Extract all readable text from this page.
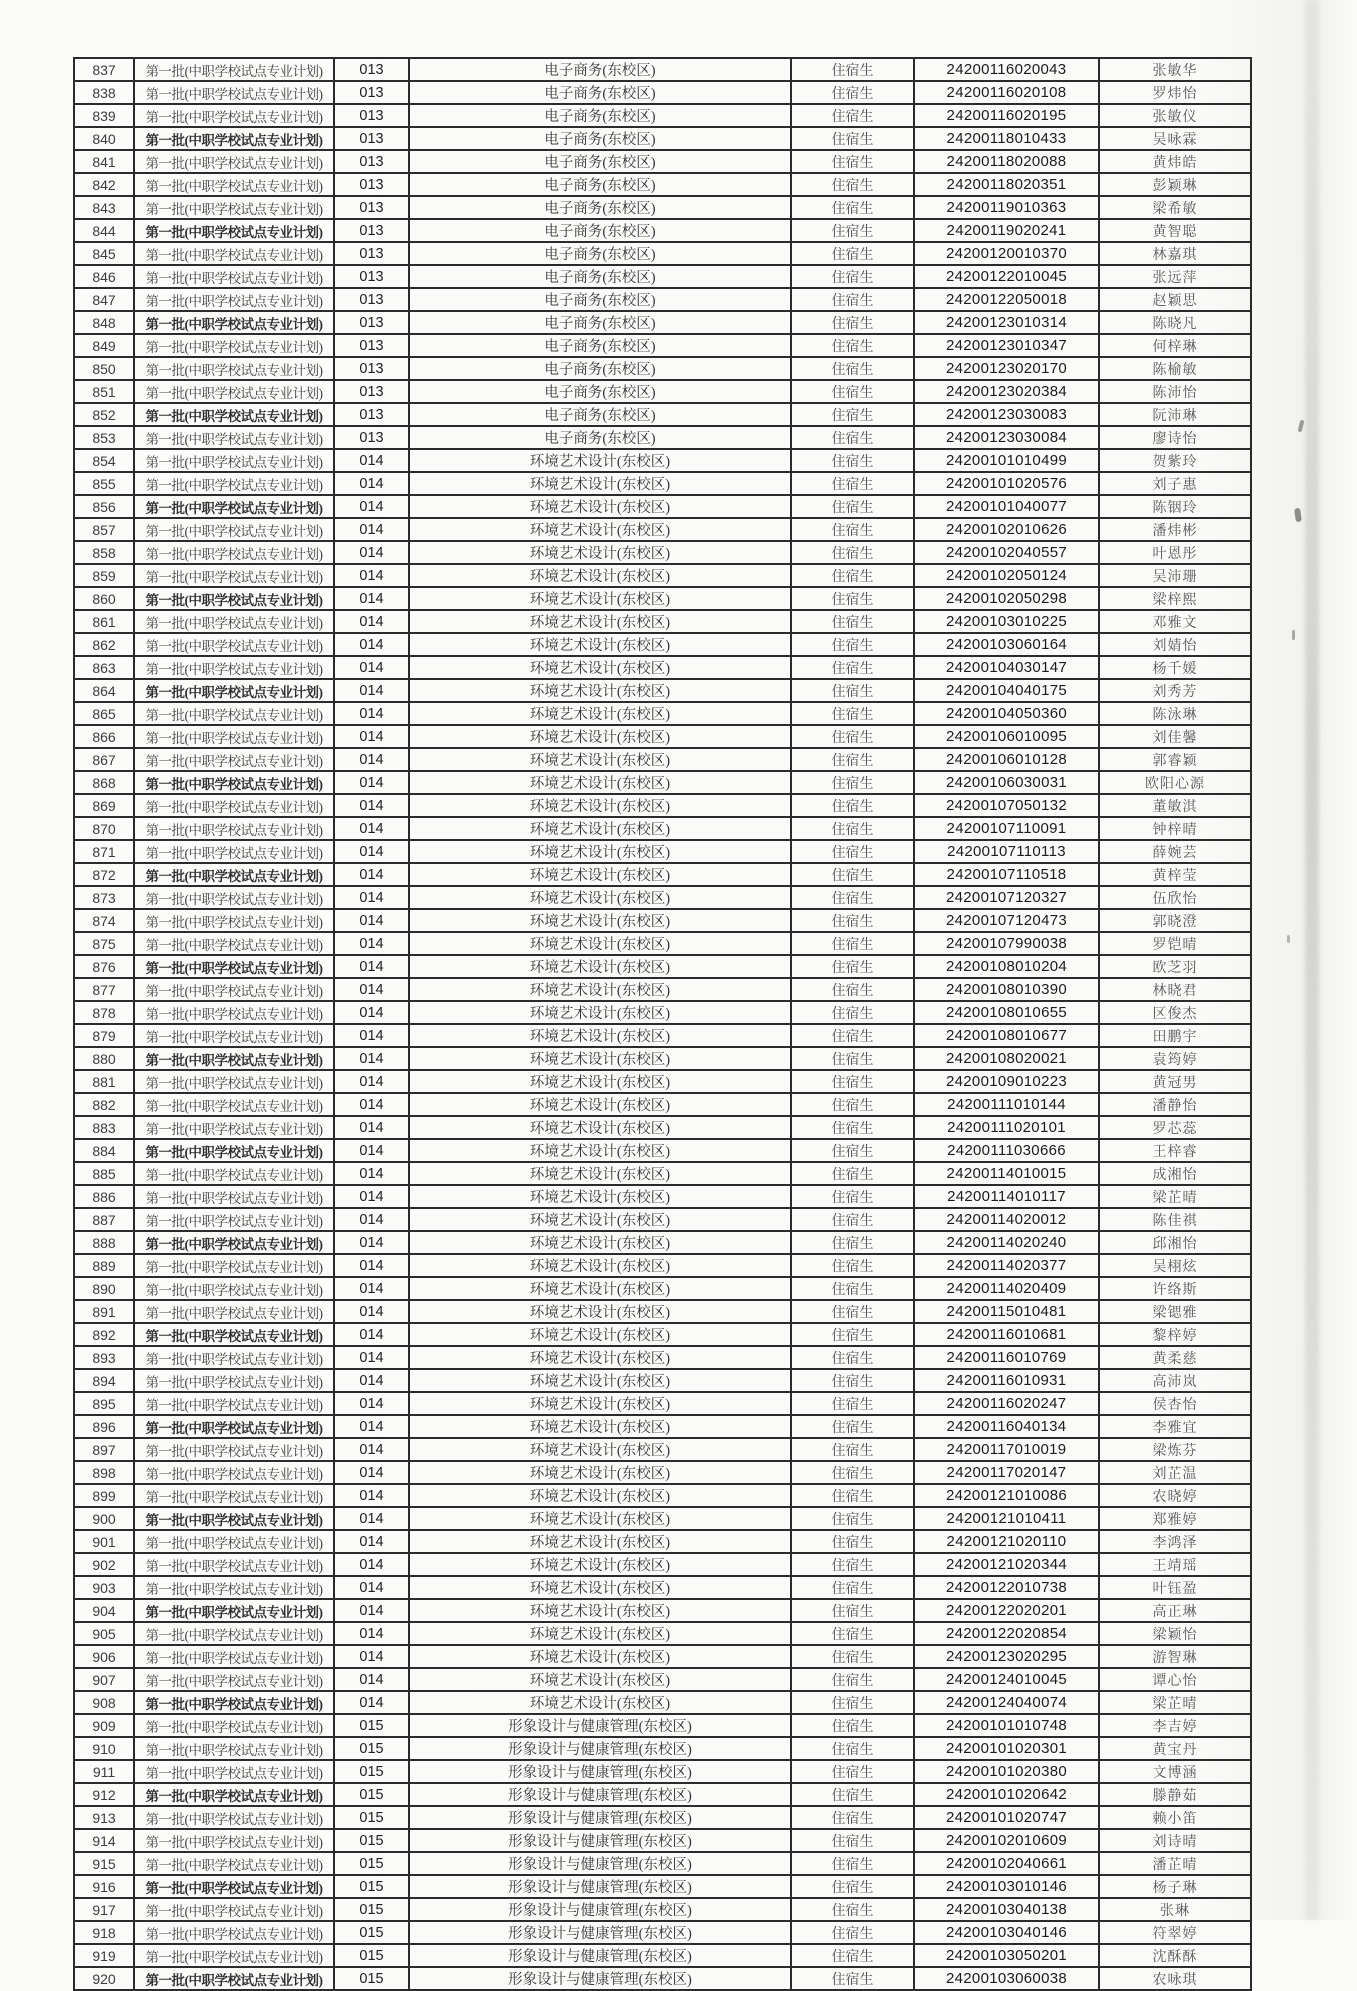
837	第一批(中职学校试点专业计划)	013	电子商务(东校区)	住宿生	24200116020043	张敏华
838	第一批(中职学校试点专业计划)	013	电子商务(东校区)	住宿生	24200116020108	罗炜怡
839	第一批(中职学校试点专业计划)	013	电子商务(东校区)	住宿生	24200116020195	张敏仪
840	第一批(中职学校试点专业计划)	013	电子商务(东校区)	住宿生	24200118010433	吴咏霖
841	第一批(中职学校试点专业计划)	013	电子商务(东校区)	住宿生	24200118020088	黄炜皓
842	第一批(中职学校试点专业计划)	013	电子商务(东校区)	住宿生	24200118020351	彭颖琳
843	第一批(中职学校试点专业计划)	013	电子商务(东校区)	住宿生	24200119010363	梁希敏
844	第一批(中职学校试点专业计划)	013	电子商务(东校区)	住宿生	24200119020241	黄智聪
845	第一批(中职学校试点专业计划)	013	电子商务(东校区)	住宿生	24200120010370	林嘉琪
846	第一批(中职学校试点专业计划)	013	电子商务(东校区)	住宿生	24200122010045	张远萍
847	第一批(中职学校试点专业计划)	013	电子商务(东校区)	住宿生	24200122050018	赵颖思
848	第一批(中职学校试点专业计划)	013	电子商务(东校区)	住宿生	24200123010314	陈晓凡
849	第一批(中职学校试点专业计划)	013	电子商务(东校区)	住宿生	24200123010347	何梓琳
850	第一批(中职学校试点专业计划)	013	电子商务(东校区)	住宿生	24200123020170	陈榆敏
851	第一批(中职学校试点专业计划)	013	电子商务(东校区)	住宿生	24200123020384	陈沛怡
852	第一批(中职学校试点专业计划)	013	电子商务(东校区)	住宿生	24200123030083	阮沛琳
853	第一批(中职学校试点专业计划)	013	电子商务(东校区)	住宿生	24200123030084	廖诗怡
854	第一批(中职学校试点专业计划)	014	环境艺术设计(东校区)	住宿生	24200101010499	贺紫玲
855	第一批(中职学校试点专业计划)	014	环境艺术设计(东校区)	住宿生	24200101020576	刘子惠
856	第一批(中职学校试点专业计划)	014	环境艺术设计(东校区)	住宿生	24200101040077	陈铟玲
857	第一批(中职学校试点专业计划)	014	环境艺术设计(东校区)	住宿生	24200102010626	潘炜彬
858	第一批(中职学校试点专业计划)	014	环境艺术设计(东校区)	住宿生	24200102040557	叶恩彤
859	第一批(中职学校试点专业计划)	014	环境艺术设计(东校区)	住宿生	24200102050124	吴沛珊
860	第一批(中职学校试点专业计划)	014	环境艺术设计(东校区)	住宿生	24200102050298	梁梓熙
861	第一批(中职学校试点专业计划)	014	环境艺术设计(东校区)	住宿生	24200103010225	邓雅文
862	第一批(中职学校试点专业计划)	014	环境艺术设计(东校区)	住宿生	24200103060164	刘婧怡
863	第一批(中职学校试点专业计划)	014	环境艺术设计(东校区)	住宿生	24200104030147	杨千媛
864	第一批(中职学校试点专业计划)	014	环境艺术设计(东校区)	住宿生	24200104040175	刘秀芳
865	第一批(中职学校试点专业计划)	014	环境艺术设计(东校区)	住宿生	24200104050360	陈泳琳
866	第一批(中职学校试点专业计划)	014	环境艺术设计(东校区)	住宿生	24200106010095	刘佳馨
867	第一批(中职学校试点专业计划)	014	环境艺术设计(东校区)	住宿生	24200106010128	郭睿颖
868	第一批(中职学校试点专业计划)	014	环境艺术设计(东校区)	住宿生	24200106030031	欧阳心源
869	第一批(中职学校试点专业计划)	014	环境艺术设计(东校区)	住宿生	24200107050132	董敏淇
870	第一批(中职学校试点专业计划)	014	环境艺术设计(东校区)	住宿生	24200107110091	钟梓晴
871	第一批(中职学校试点专业计划)	014	环境艺术设计(东校区)	住宿生	24200107110113	薛婉芸
872	第一批(中职学校试点专业计划)	014	环境艺术设计(东校区)	住宿生	24200107110518	黄梓莹
873	第一批(中职学校试点专业计划)	014	环境艺术设计(东校区)	住宿生	24200107120327	伍欣怡
874	第一批(中职学校试点专业计划)	014	环境艺术设计(东校区)	住宿生	24200107120473	郭晓澄
875	第一批(中职学校试点专业计划)	014	环境艺术设计(东校区)	住宿生	24200107990038	罗铠晴
876	第一批(中职学校试点专业计划)	014	环境艺术设计(东校区)	住宿生	24200108010204	欧芝羽
877	第一批(中职学校试点专业计划)	014	环境艺术设计(东校区)	住宿生	24200108010390	林晓君
878	第一批(中职学校试点专业计划)	014	环境艺术设计(东校区)	住宿生	24200108010655	区俊杰
879	第一批(中职学校试点专业计划)	014	环境艺术设计(东校区)	住宿生	24200108010677	田鹏宇
880	第一批(中职学校试点专业计划)	014	环境艺术设计(东校区)	住宿生	24200108020021	袁筠婷
881	第一批(中职学校试点专业计划)	014	环境艺术设计(东校区)	住宿生	24200109010223	黄冠男
882	第一批(中职学校试点专业计划)	014	环境艺术设计(东校区)	住宿生	24200111010144	潘静怡
883	第一批(中职学校试点专业计划)	014	环境艺术设计(东校区)	住宿生	24200111020101	罗芯蕊
884	第一批(中职学校试点专业计划)	014	环境艺术设计(东校区)	住宿生	24200111030666	王梓睿
885	第一批(中职学校试点专业计划)	014	环境艺术设计(东校区)	住宿生	24200114010015	成湘怡
886	第一批(中职学校试点专业计划)	014	环境艺术设计(东校区)	住宿生	24200114010117	梁芷晴
887	第一批(中职学校试点专业计划)	014	环境艺术设计(东校区)	住宿生	24200114020012	陈佳祺
888	第一批(中职学校试点专业计划)	014	环境艺术设计(东校区)	住宿生	24200114020240	邱湘怡
889	第一批(中职学校试点专业计划)	014	环境艺术设计(东校区)	住宿生	24200114020377	吴栩炫
890	第一批(中职学校试点专业计划)	014	环境艺术设计(东校区)	住宿生	24200114020409	许络斯
891	第一批(中职学校试点专业计划)	014	环境艺术设计(东校区)	住宿生	24200115010481	梁锶雅
892	第一批(中职学校试点专业计划)	014	环境艺术设计(东校区)	住宿生	24200116010681	黎梓婷
893	第一批(中职学校试点专业计划)	014	环境艺术设计(东校区)	住宿生	24200116010769	黄柔慈
894	第一批(中职学校试点专业计划)	014	环境艺术设计(东校区)	住宿生	24200116010931	高沛岚
895	第一批(中职学校试点专业计划)	014	环境艺术设计(东校区)	住宿生	24200116020247	侯杏怡
896	第一批(中职学校试点专业计划)	014	环境艺术设计(东校区)	住宿生	24200116040134	李雅宜
897	第一批(中职学校试点专业计划)	014	环境艺术设计(东校区)	住宿生	24200117010019	梁炼芬
898	第一批(中职学校试点专业计划)	014	环境艺术设计(东校区)	住宿生	24200117020147	刘芷温
899	第一批(中职学校试点专业计划)	014	环境艺术设计(东校区)	住宿生	24200121010086	农晓婷
900	第一批(中职学校试点专业计划)	014	环境艺术设计(东校区)	住宿生	24200121010411	郑雅婷
901	第一批(中职学校试点专业计划)	014	环境艺术设计(东校区)	住宿生	24200121020110	李鸿泽
902	第一批(中职学校试点专业计划)	014	环境艺术设计(东校区)	住宿生	24200121020344	王靖瑶
903	第一批(中职学校试点专业计划)	014	环境艺术设计(东校区)	住宿生	24200122010738	叶钰盈
904	第一批(中职学校试点专业计划)	014	环境艺术设计(东校区)	住宿生	24200122020201	高正琳
905	第一批(中职学校试点专业计划)	014	环境艺术设计(东校区)	住宿生	24200122020854	梁颖怡
906	第一批(中职学校试点专业计划)	014	环境艺术设计(东校区)	住宿生	24200123020295	游智琳
907	第一批(中职学校试点专业计划)	014	环境艺术设计(东校区)	住宿生	24200124010045	谭心怡
908	第一批(中职学校试点专业计划)	014	环境艺术设计(东校区)	住宿生	24200124040074	梁芷晴
909	第一批(中职学校试点专业计划)	015	形象设计与健康管理(东校区)	住宿生	24200101010748	李吉婷
910	第一批(中职学校试点专业计划)	015	形象设计与健康管理(东校区)	住宿生	24200101020301	黄宝丹
911	第一批(中职学校试点专业计划)	015	形象设计与健康管理(东校区)	住宿生	24200101020380	文博涵
912	第一批(中职学校试点专业计划)	015	形象设计与健康管理(东校区)	住宿生	24200101020642	滕静茹
913	第一批(中职学校试点专业计划)	015	形象设计与健康管理(东校区)	住宿生	24200101020747	赖小笛
914	第一批(中职学校试点专业计划)	015	形象设计与健康管理(东校区)	住宿生	24200102010609	刘诗晴
915	第一批(中职学校试点专业计划)	015	形象设计与健康管理(东校区)	住宿生	24200102040661	潘芷晴
916	第一批(中职学校试点专业计划)	015	形象设计与健康管理(东校区)	住宿生	24200103010146	杨子琳
917	第一批(中职学校试点专业计划)	015	形象设计与健康管理(东校区)	住宿生	24200103040138	张琳
918	第一批(中职学校试点专业计划)	015	形象设计与健康管理(东校区)	住宿生	24200103040146	符翠婷
919	第一批(中职学校试点专业计划)	015	形象设计与健康管理(东校区)	住宿生	24200103050201	沈酥酥
920	第一批(中职学校试点专业计划)	015	形象设计与健康管理(东校区)	住宿生	24200103060038	农咏琪
